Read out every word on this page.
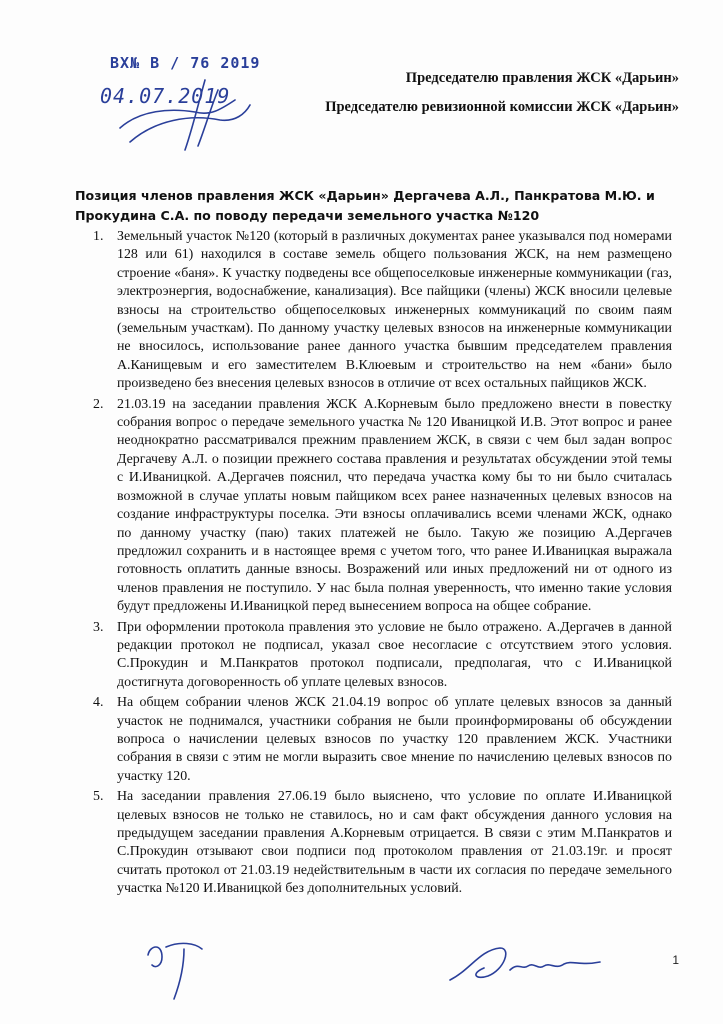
ВХ№ В / 76 2019
04.07.2019
Председателю правления ЖСК «Дарьин»
Председателю ревизионной комиссии ЖСК «Дарьин»
Позиция членов правления ЖСК «Дарьин» Дергачева А.Л., Панкратова М.Ю. и Прокудина С.А. по поводу передачи земельного участка №120
1. Земельный участок №120 (который в различных документах ранее указывался под номерами 128 или 61) находился в составе земель общего пользования ЖСК, на нем размещено строение «баня». К участку подведены все общепоселковые инженерные коммуникации (газ, электроэнергия, водоснабжение, канализация). Все пайщики (члены) ЖСК вносили целевые взносы на строительство общепоселковых инженерных коммуникаций по своим паям (земельным участкам). По данному участку целевых взносов на инженерные коммуникации не вносилось, использование ранее данного участка бывшим председателем правления А.Канищевым и его заместителем В.Клюевым и строительство на нем «бани» было произведено без внесения целевых взносов в отличие от всех остальных пайщиков ЖСК.
2. 21.03.19 на заседании правления ЖСК А.Корневым было предложено внести в повестку собрания вопрос о передаче земельного участка № 120 Иваницкой И.В. Этот вопрос и ранее неоднократно рассматривался прежним правлением ЖСК, в связи с чем был задан вопрос Дергачеву А.Л. о позиции прежнего состава правления и результатах обсуждении этой темы с И.Иваницкой. А.Дергачев пояснил, что передача участка кому бы то ни было считалась возможной в случае уплаты новым пайщиком всех ранее назначенных целевых взносов на создание инфраструктуры поселка. Эти взносы оплачивались всеми членами ЖСК, однако по данному участку (паю) таких платежей не было. Такую же позицию А.Дергачев предложил сохранить и в настоящее время с учетом того, что ранее И.Иваницкая выражала готовность оплатить данные взносы. Возражений или иных предложений ни от одного из членов правления не поступило. У нас была полная уверенность, что именно такие условия будут предложены И.Иваницкой перед вынесением вопроса на общее собрание.
3. При оформлении протокола правления это условие не было отражено. А.Дергачев в данной редакции протокол не подписал, указал свое несогласие с отсутствием этого условия. С.Прокудин и М.Панкратов протокол подписали, предполагая, что с И.Иваницкой достигнута договоренность об уплате целевых взносов.
4. На общем собрании членов ЖСК 21.04.19 вопрос об уплате целевых взносов за данный участок не поднимался, участники собрания не были проинформированы об обсуждении вопроса о начислении целевых взносов по участку 120 правлением ЖСК. Участники собрания в связи с этим не могли выразить свое мнение по начислению целевых взносов по участку 120.
5. На заседании правления 27.06.19 было выяснено, что условие по оплате И.Иваницкой целевых взносов не только не ставилось, но и сам факт обсуждения данного условия на предыдущем заседании правления А.Корневым отрицается. В связи с этим М.Панкратов и С.Прокудин отзывают свои подписи под протоколом правления от 21.03.19г. и просят считать протокол от 21.03.19 недействительным в части их согласия по передаче земельного участка №120 И.Иваницкой без дополнительных условий.
1
